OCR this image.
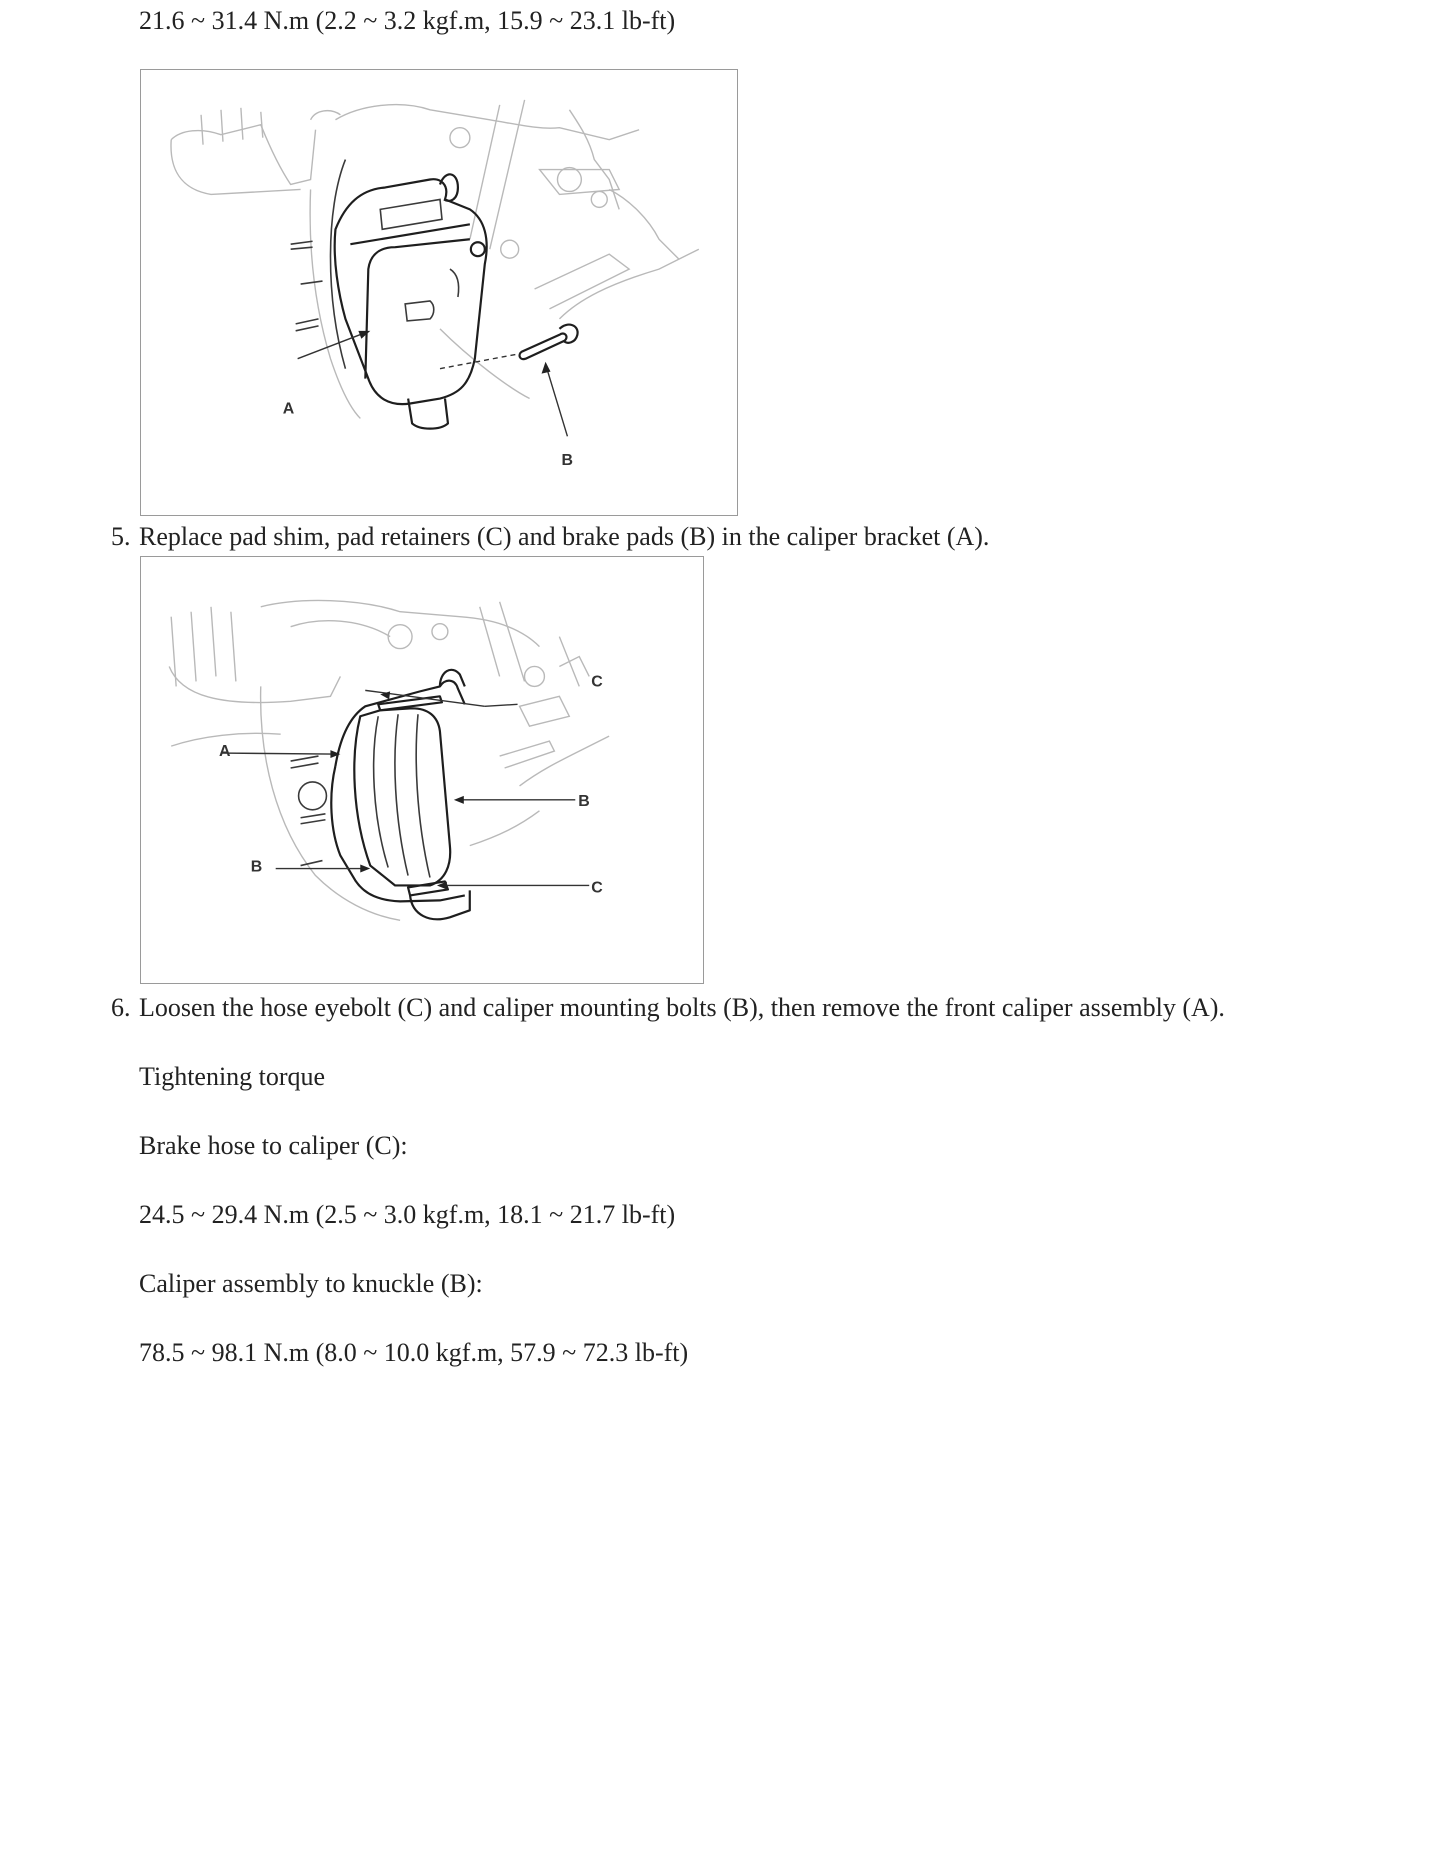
21.6 ~ 31.4 N.m (2.2 ~ 3.2 kgf.m, 15.9 ~ 23.1 lb-ft)
A
B
5. Replace pad shim, pad retainers (C) and brake pads (B) in the caliper bracket (A).
A
B
C
B
C
6. Loosen the hose eyebolt (C) and caliper mounting bolts (B), then remove the front caliper assembly (A).
Tightening torque
Brake hose to caliper (C):
24.5 ~ 29.4 N.m (2.5 ~ 3.0 kgf.m, 18.1 ~ 21.7 lb-ft)
Caliper assembly to knuckle (B):
78.5 ~ 98.1 N.m (8.0 ~ 10.0 kgf.m, 57.9 ~ 72.3 lb-ft)
